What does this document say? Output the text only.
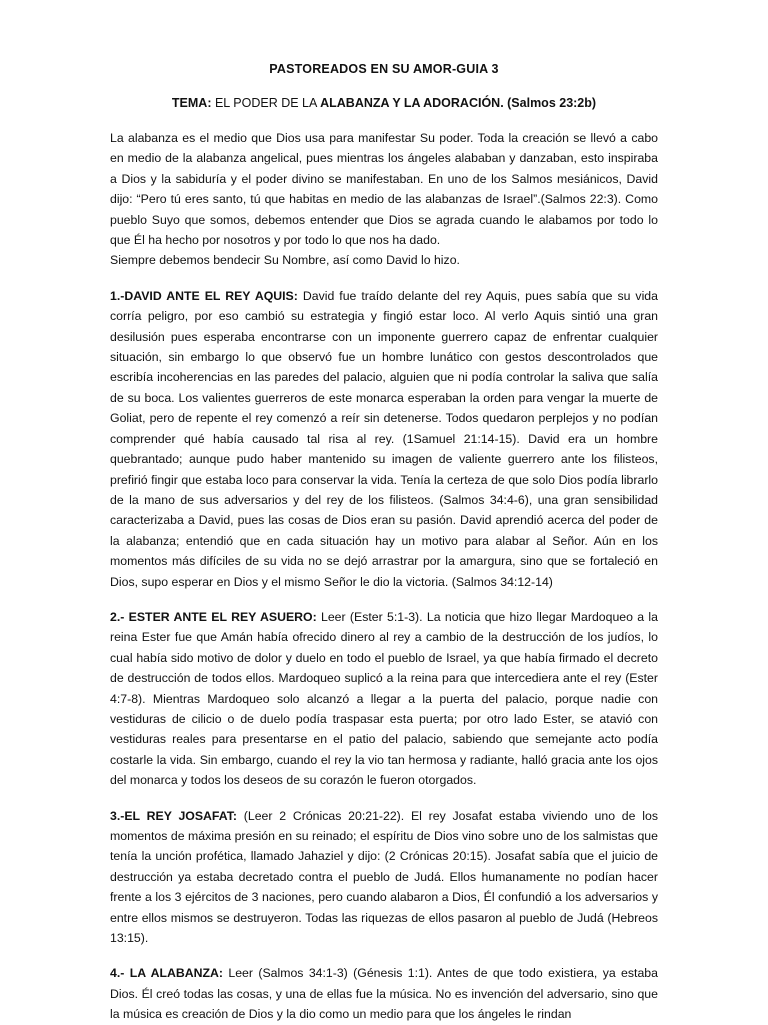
PASTOREADOS EN SU AMOR-GUIA 3
TEMA: EL PODER DE LA ALABANZA Y LA ADORACIÓN. (Salmos 23:2b)

La alabanza es el medio que Dios usa para manifestar Su poder. Toda la creación se llevó a cabo en medio de la alabanza angelical, pues mientras los ángeles alababan y danzaban, esto inspiraba a Dios y la sabiduría y el poder divino se manifestaban. En uno de los Salmos mesiánicos, David dijo: “Pero tú eres santo, tú que habitas en medio de las alabanzas de Israel”.(Salmos 22:3). Como pueblo Suyo que somos, debemos entender que Dios se agrada cuando le alabamos por todo lo que Él ha hecho por nosotros y por todo lo que nos ha dado.
Siempre debemos bendecir Su Nombre, así como David lo hizo.

1.-DAVID ANTE EL REY AQUIS: David fue traído delante del rey Aquis, pues sabía que su vida corría peligro, por eso cambió su estrategia y fingió estar loco. Al verlo Aquis sintió una gran desilusión pues esperaba encontrarse con un imponente guerrero capaz de enfrentar cualquier situación, sin embargo lo que observó fue un hombre lunático con gestos descontrolados que escribía incoherencias en las paredes del palacio, alguien que ni podía controlar la saliva que salía de su boca. Los valientes guerreros de este monarca esperaban la orden para vengar la muerte de Goliat, pero de repente el rey comenzó a reír sin detenerse. Todos quedaron perplejos y no podían comprender qué había causado tal risa al rey. (1Samuel 21:14-15). David era un hombre quebrantado; aunque pudo haber mantenido su imagen de valiente guerrero ante los filisteos, prefirió fingir que estaba loco para conservar la vida. Tenía la certeza de que solo Dios podía librarlo de la mano de sus adversarios y del rey de los filisteos. (Salmos 34:4-6), una gran sensibilidad caracterizaba a David, pues las cosas de Dios eran su pasión. David aprendió acerca del poder de la alabanza; entendió que en cada situación hay un motivo para alabar al Señor. Aún en los momentos más difíciles de su vida no se dejó arrastrar por la amargura, sino que se fortaleció en Dios, supo esperar en Dios y el mismo Señor le dio la victoria. (Salmos 34:12-14)

2.- ESTER ANTE EL REY ASUERO: Leer (Ester 5:1-3). La noticia que hizo llegar Mardoqueo a la reina Ester fue que Amán había ofrecido dinero al rey a cambio de la destrucción de los judíos, lo cual había sido motivo de dolor y duelo en todo el pueblo de Israel, ya que había firmado el decreto de destrucción de todos ellos. Mardoqueo suplicó a la reina para que intercediera ante el rey (Ester 4:7-8). Mientras Mardoqueo solo alcanzó a llegar a la puerta del palacio, porque nadie con vestiduras de cilicio o de duelo podía traspasar esta puerta; por otro lado Ester, se atavió con vestiduras reales para presentarse en el patio del palacio, sabiendo que semejante acto podía costarle la vida. Sin embargo, cuando el rey la vio tan hermosa y radiante, halló gracia ante los ojos del monarca y todos los deseos de su corazón le fueron otorgados.

3.-EL REY JOSAFAT: (Leer 2 Crónicas 20:21-22). El rey Josafat estaba viviendo uno de los momentos de máxima presión en su reinado; el espíritu de Dios vino sobre uno de los salmistas que tenía la unción profética, llamado Jahaziel y dijo: (2 Crónicas 20:15). Josafat sabía que el juicio de destrucción ya estaba decretado contra el pueblo de Judá. Ellos humanamente no podían hacer frente a los 3 ejércitos de 3 naciones, pero cuando alabaron a Dios, Él confundió a los adversarios y entre ellos mismos se destruyeron. Todas las riquezas de ellos pasaron al pueblo de Judá (Hebreos 13:15).

4.- LA ALABANZA: Leer (Salmos 34:1-3) (Génesis 1:1). Antes de que todo existiera, ya estaba Dios. Él creó todas las cosas, y una de ellas fue la música. No es invención del adversario, sino que la música es creación de Dios y la dio como un medio para que los ángeles le rindan
